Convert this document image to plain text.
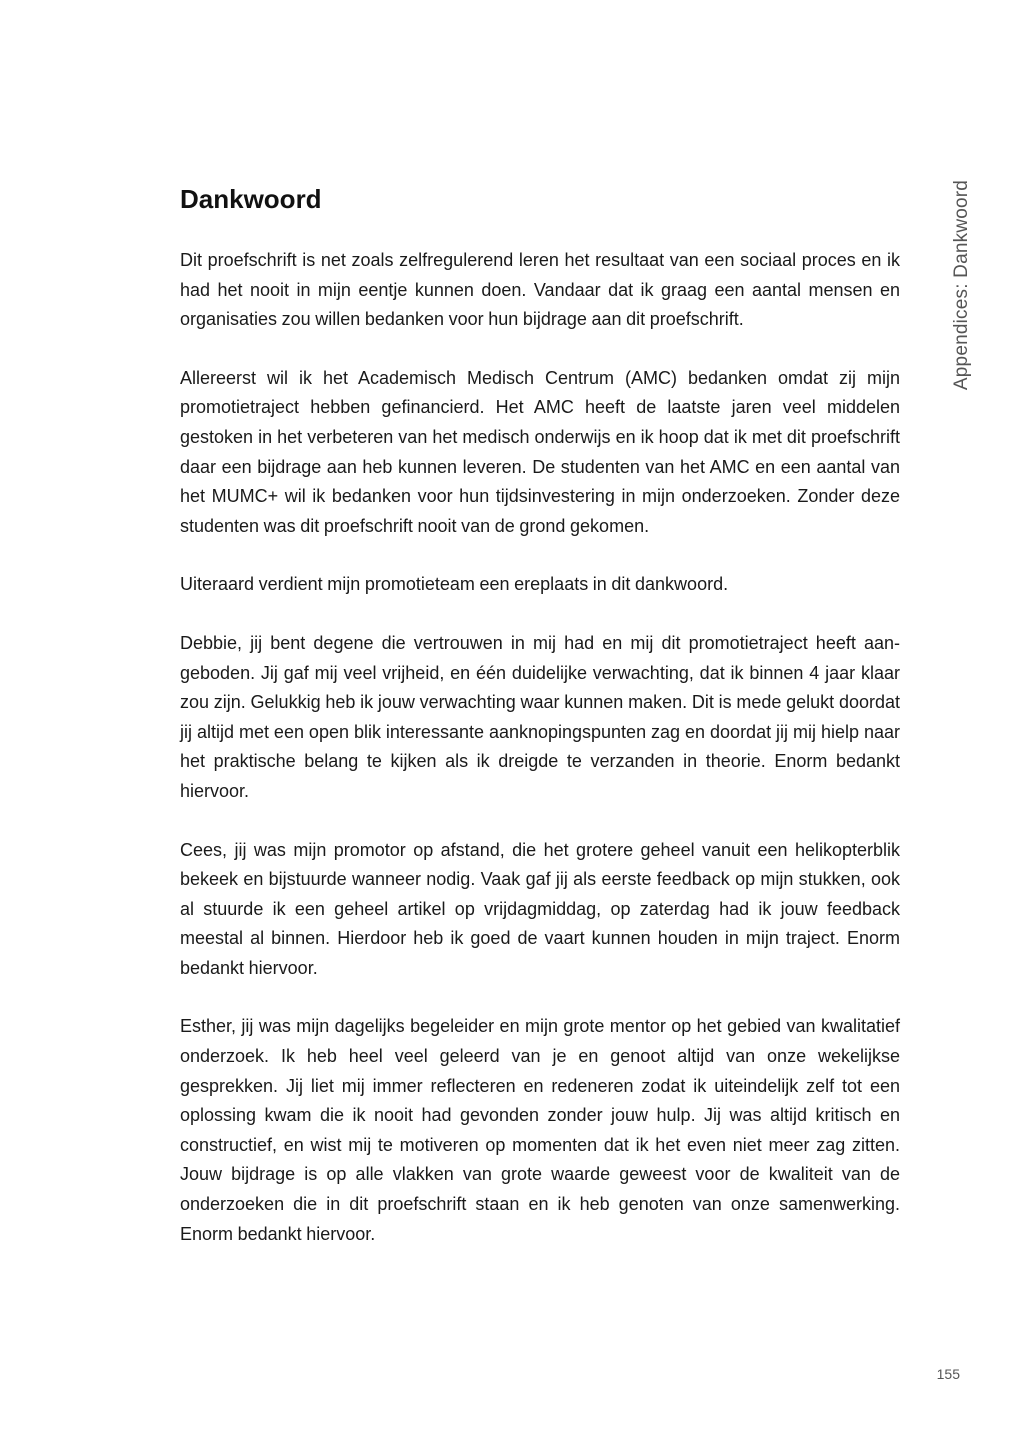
Dankwoord

Dit proefschrift is net zoals zelfregulerend leren het resultaat van een sociaal proces en ik had het nooit in mijn eentje kunnen doen. Vandaar dat ik graag een aantal mensen en organisaties zou willen bedanken voor hun bijdrage aan dit proefschrift.

Allereerst wil ik het Academisch Medisch Centrum (AMC) bedanken omdat zij mijn promotietraject hebben gefinancierd. Het AMC heeft de laatste jaren veel middelen gestoken in het verbeteren van het medisch onderwijs en ik hoop dat ik met dit proefschrift daar een bijdrage aan heb kunnen leveren. De studenten van het AMC en een aantal van het MUMC+ wil ik bedanken voor hun tijdsinvestering in mijn onderzoeken. Zonder deze studenten was dit proefschrift nooit van de grond gekomen.

Uiteraard verdient mijn promotieteam een ereplaats in dit dankwoord.

Debbie, jij bent degene die vertrouwen in mij had en mij dit promotietraject heeft aangeboden. Jij gaf mij veel vrijheid, en één duidelijke verwachting, dat ik binnen 4 jaar klaar zou zijn. Gelukkig heb ik jouw verwachting waar kunnen maken. Dit is mede gelukt doordat jij altijd met een open blik interessante aanknopingspunten zag en doordat jij mij hielp naar het praktische belang te kijken als ik dreigde te verzanden in theorie. Enorm bedankt hiervoor.

Cees, jij was mijn promotor op afstand, die het grotere geheel vanuit een helikopterblik bekeek en bijstuurde wanneer nodig. Vaak gaf jij als eerste feedback op mijn stukken, ook al stuurde ik een geheel artikel op vrijdagmiddag, op zaterdag had ik jouw feedback meestal al binnen. Hierdoor heb ik goed de vaart kunnen houden in mijn traject. Enorm bedankt hiervoor.

Esther, jij was mijn dagelijks begeleider en mijn grote mentor op het gebied van kwalitatief onderzoek. Ik heb heel veel geleerd van je en genoot altijd van onze wekelijkse gesprekken. Jij liet mij immer reflecteren en redeneren zodat ik uiteindelijk zelf tot een oplossing kwam die ik nooit had gevonden zonder jouw hulp. Jij was altijd kritisch en constructief, en wist mij te motiveren op momenten dat ik het even niet meer zag zitten. Jouw bijdrage is op alle vlakken van grote waarde geweest voor de kwaliteit van de onderzoeken die in dit proefschrift staan en ik heb genoten van onze samenwerking. Enorm bedankt hiervoor.

Appendices: Dankwoord
155
